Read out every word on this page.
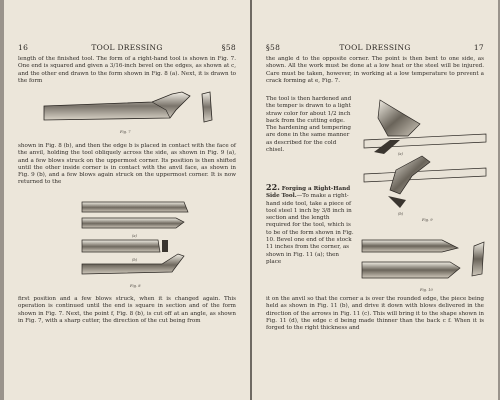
16	TOOL DRESSING	§58
length of the finished tool. The form of a right-hand tool is shown in Fig. 7. One end is squared and given a 3/16-inch bevel on the edges, as shown at c, and the other end drawn to the form shown in Fig. 8 (a). Next, it is drawn to the form
Fig. 7
shown in Fig. 8 (b), and then the edge b is placed in contact with the face of the anvil, holding the tool obliquely across the side, as shown in Fig. 9 (a), and a few blows struck on the uppermost corner. Its position is then shifted until the other inside corner is in contact with the anvil face, as shown in Fig. 9 (b), and a few blows again struck on the uppermost corner. It is now returned to the
(a)
(b)
Fig. 8
first position and a few blows struck, when it is changed again. This operation is continued until the end is square in section and of the form shown in Fig. 7. Next, the point f, Fig. 8 (b), is cut off at an angle, as shown in Fig. 7, with a sharp cutter, the direction of the cut being from
§58	TOOL DRESSING	17
the angle d to the opposite corner. The point is then bent to one side, as shown. All the work must be done at a low heat or the steel will be injured. Care must be taken, however, in working at a low temperature to prevent a crack forming at e, Fig. 7.
The tool is then hardened and the temper is drawn to a light straw color for about 1/2 inch back from the cutting edge. The hardening and tempering are done in the same manner as described for the cold chisel.
(a)
(b)
Fig. 9
22. Forging a Right-Hand Side Tool.—To make a right-hand side tool, take a piece of tool steel 1 inch by 3/8 inch in section and the length required for the tool, which is to be of the form shown in Fig. 10. Bevel one end of the stock 11 inches from the corner, as shown in Fig. 11 (a); then place
Fig. 10
it on the anvil so that the corner a is over the rounded edge, the piece being held as shown in Fig. 11 (b), and drive it down with blows delivered in the direction of the arrows in Fig. 11 (c). This will bring it to the shape shown in Fig. 11 (d), the edge c d being made thinner than the back c f. When it is forged to the right thickness and
